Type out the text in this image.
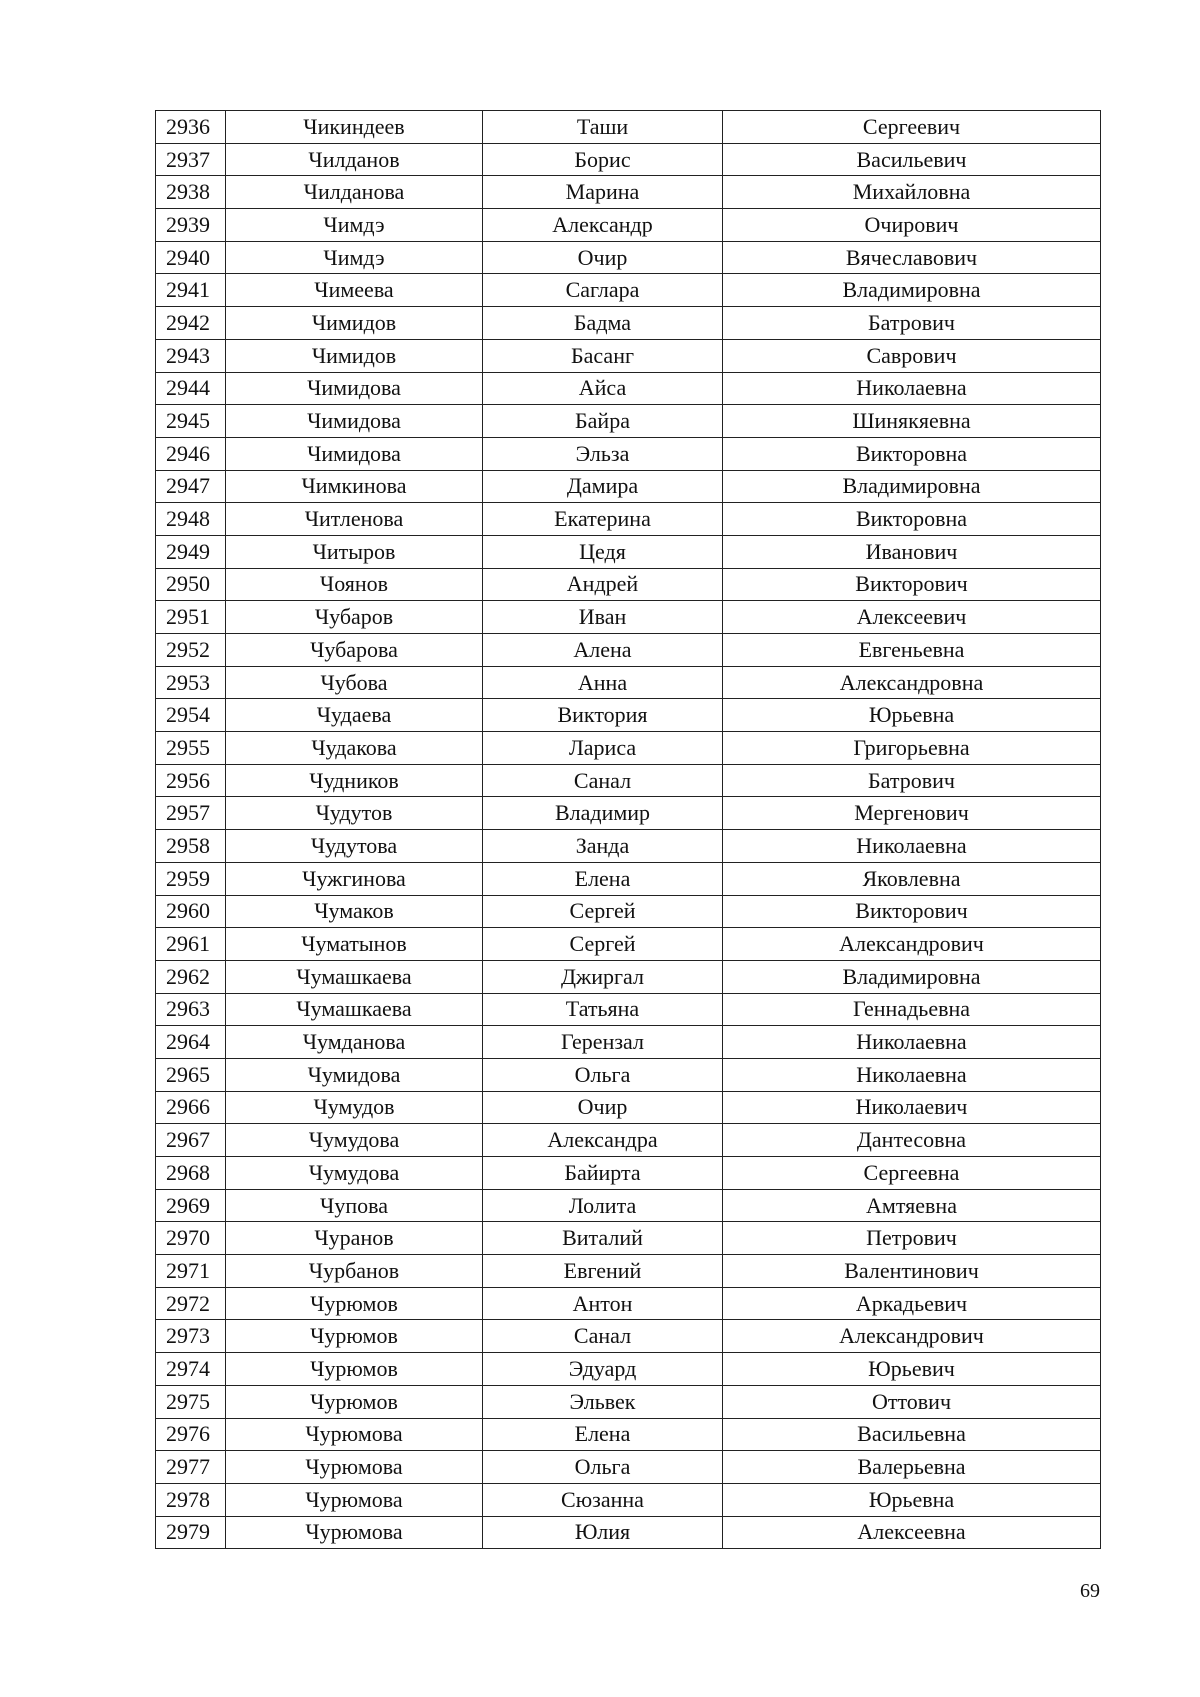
2936	Чикиндеев	Таши	Сергеевич
2937	Чилданов	Борис	Васильевич
2938	Чилданова	Марина	Михайловна
2939	Чимдэ	Александр	Очирович
2940	Чимдэ	Очир	Вячеславович
2941	Чимеева	Саглара	Владимировна
2942	Чимидов	Бадма	Батрович
2943	Чимидов	Басанг	Саврович
2944	Чимидова	Айса	Николаевна
2945	Чимидова	Байра	Шинякяевна
2946	Чимидова	Эльза	Викторовна
2947	Чимкинова	Дамира	Владимировна
2948	Читленова	Екатерина	Викторовна
2949	Читыров	Цедя	Иванович
2950	Чоянов	Андрей	Викторович
2951	Чубаров	Иван	Алексеевич
2952	Чубарова	Алена	Евгеньевна
2953	Чубова	Анна	Александровна
2954	Чудаева	Виктория	Юрьевна
2955	Чудакова	Лариса	Григорьевна
2956	Чудников	Санал	Батрович
2957	Чудутов	Владимир	Мергенович
2958	Чудутова	Занда	Николаевна
2959	Чужгинова	Елена	Яковлевна
2960	Чумаков	Сергей	Викторович
2961	Чуматынов	Сергей	Александрович
2962	Чумашкаева	Джиргал	Владимировна
2963	Чумашкаева	Татьяна	Геннадьевна
2964	Чумданова	Герензал	Николаевна
2965	Чумидова	Ольга	Николаевна
2966	Чумудов	Очир	Николаевич
2967	Чумудова	Александра	Дантесовна
2968	Чумудова	Байирта	Сергеевна
2969	Чупова	Лолита	Амтяевна
2970	Чуранов	Виталий	Петрович
2971	Чурбанов	Евгений	Валентинович
2972	Чурюмов	Антон	Аркадьевич
2973	Чурюмов	Санал	Александрович
2974	Чурюмов	Эдуард	Юрьевич
2975	Чурюмов	Эльвек	Оттович
2976	Чурюмова	Елена	Васильевна
2977	Чурюмова	Ольга	Валерьевна
2978	Чурюмова	Сюзанна	Юрьевна
2979	Чурюмова	Юлия	Алексеевна
69
